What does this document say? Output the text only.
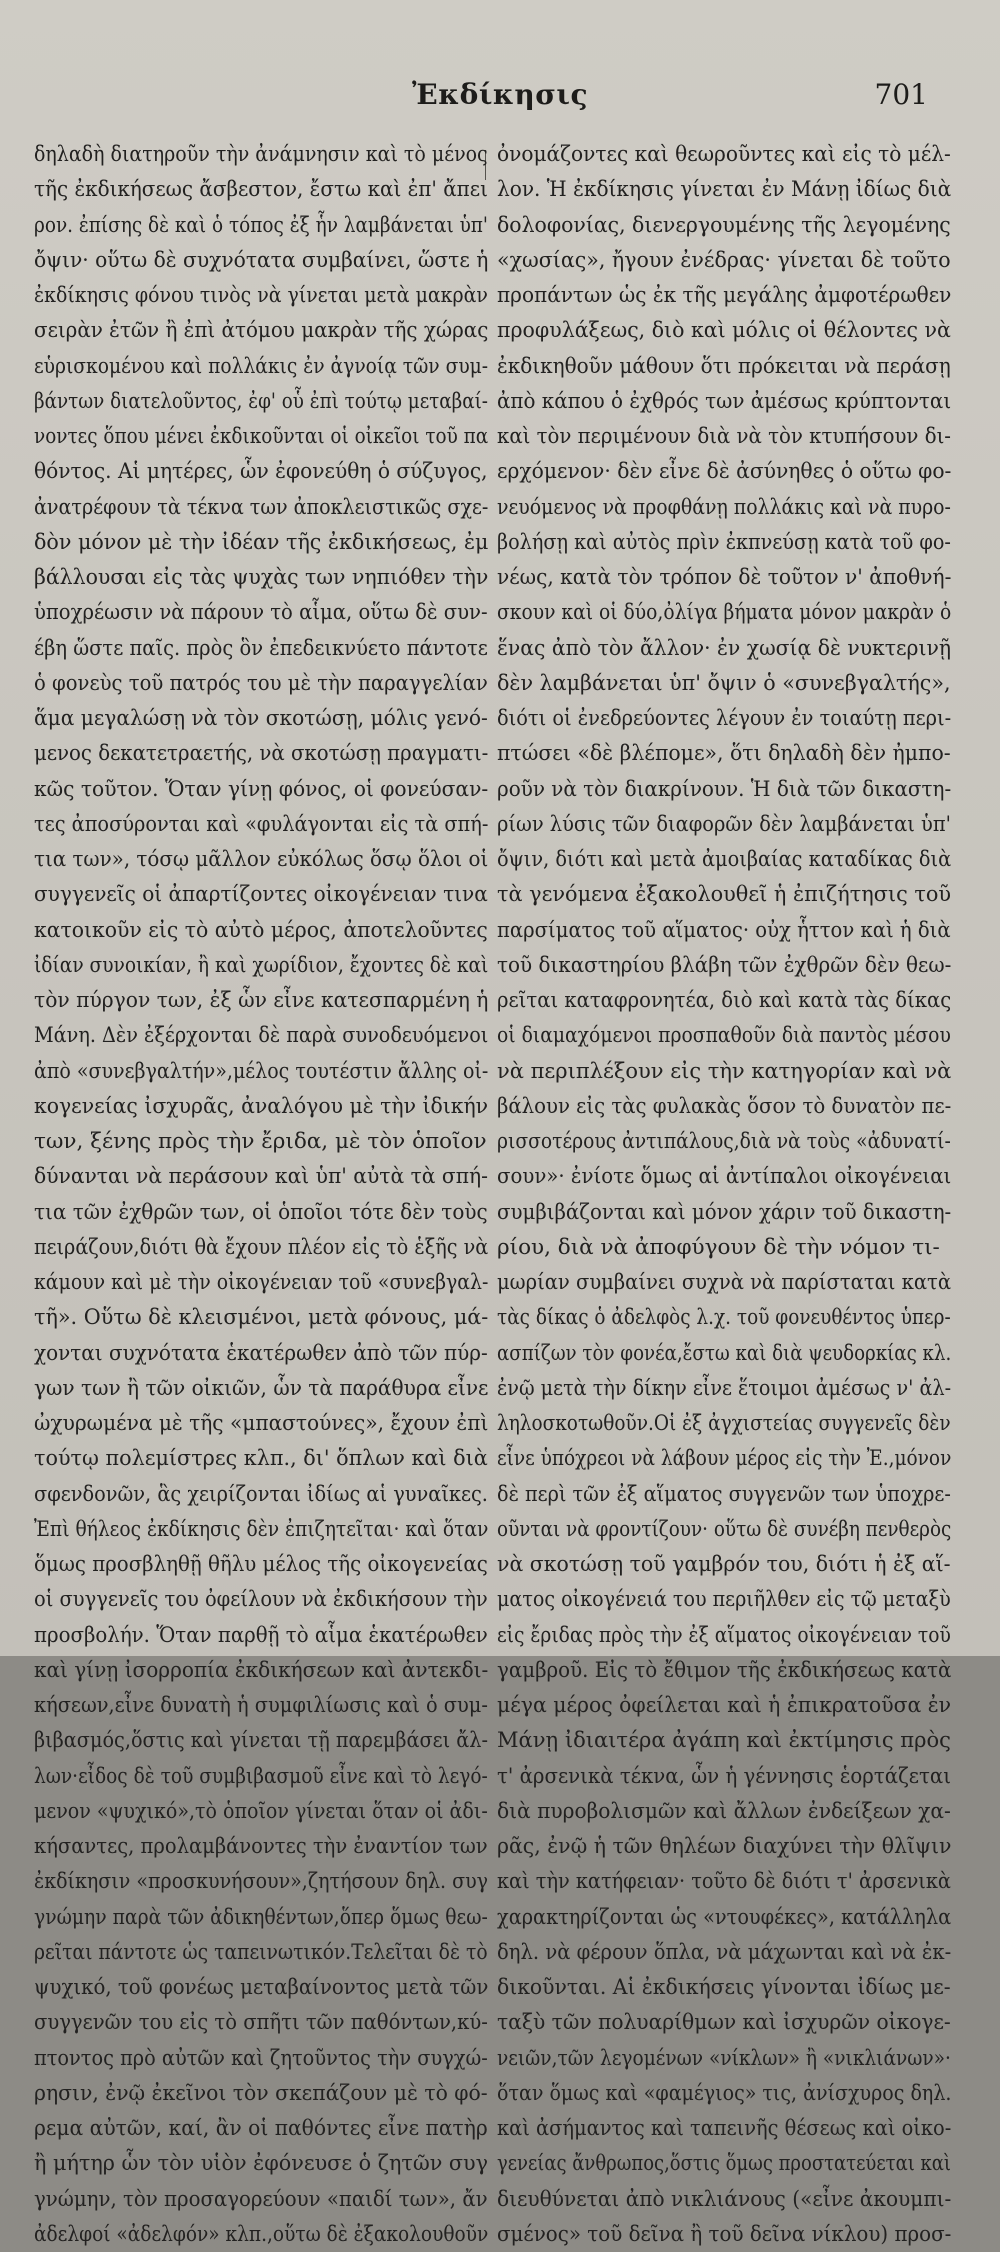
Ἐκδίκησις	701
δηλαδὴ διατηροῦν τὴν ἀνάμνησιν καὶ τὸ μένος
τῆς ἐκδικήσεως ἄσβεστον, ἔστω καὶ ἐπ' ἄπει
ρον. ἐπίσης δὲ καὶ ὁ τόπος ἐξ ἧν λαμβάνεται ὑπ'
ὄψιν· οὕτω δὲ συχνότατα συμβαίνει, ὥστε ἡ
ἐκδίκησις φόνου τινὸς νὰ γίνεται μετὰ μακρὰν
σειρὰν ἐτῶν ἢ ἐπὶ ἀτόμου μακρὰν τῆς χώρας
εὑρισκομένου καὶ πολλάκις ἐν ἀγνοίᾳ τῶν συμ-
βάντων διατελοῦντος, ἐφ' οὗ ἐπὶ τούτῳ μεταβαί-
νοντες ὅπου μένει ἐκδικοῦνται οἱ οἰκεῖοι τοῦ πα
θόντος. Αἱ μητέρες, ὧν ἐφονεύθη ὁ σύζυγος,
ἀνατρέφουν τὰ τέκνα των ἀποκλειστικῶς σχε-
δὸν μόνον μὲ τὴν ἰδέαν τῆς ἐκδικήσεως, ἐμ
βάλλουσαι εἰς τὰς ψυχὰς των νηπιόθεν τὴν
ὑποχρέωσιν νὰ πάρουν τὸ αἷμα, οὕτω δὲ συν-
έβη ὥστε παῖς. πρὸς ὃν ἐπεδεικνύετο πάντοτε
ὁ φονεὺς τοῦ πατρός του μὲ τὴν παραγγελίαν
ἅμα μεγαλώσῃ νὰ τὸν σκοτώσῃ, μόλις γενό-
μενος δεκατετραετής, νὰ σκοτώσῃ πραγματι-
κῶς τοῦτον. Ὅταν γίνῃ φόνος, οἱ φονεύσαν-
τες ἀποσύρονται καὶ «φυλάγονται εἰς τὰ σπή-
τια των», τόσῳ μᾶλλον εὐκόλως ὅσῳ ὅλοι οἱ
συγγενεῖς οἱ ἀπαρτίζοντες οἰκογένειαν τινα
κατοικοῦν εἰς τὸ αὐτὸ μέρος, ἀποτελοῦντες
ἰδίαν συνοικίαν, ἢ καὶ χωρίδιον, ἔχοντες δὲ καὶ
τὸν πύργον των, ἐξ ὧν εἶνε κατεσπαρμένη ἡ
Μάνη. Δὲν ἐξέρχονται δὲ παρὰ συνοδευόμενοι
ἀπὸ «συνεβγαλτήν»,μέλος τουτέστιν ἄλλης οἰ-
κογενείας ἰσχυρᾶς, ἀναλόγου μὲ τὴν ἰδικήν
των, ξένης πρὸς τὴν ἔριδα, μὲ τὸν ὁποῖον
δύνανται νὰ περάσουν καὶ ὑπ' αὐτὰ τὰ σπή-
τια τῶν ἐχθρῶν των, οἱ ὁποῖοι τότε δὲν τοὺς
πειράζουν,διότι θὰ ἔχουν πλέον εἰς τὸ ἑξῆς νὰ
κάμουν καὶ μὲ τὴν οἰκογένειαν τοῦ «συνεβγαλ-
τῆ». Οὕτω δὲ κλεισμένοι, μετὰ φόνους, μά-
χονται συχνότατα ἑκατέρωθεν ἀπὸ τῶν πύρ-
γων των ἢ τῶν οἰκιῶν, ὧν τὰ παράθυρα εἶνε
ὠχυρωμένα μὲ τῆς «μπαστούνες», ἔχουν ἐπὶ
τούτῳ πολεμίστρες κλπ., δι' ὅπλων καὶ διὰ
σφενδονῶν, ἃς χειρίζονται ἰδίως αἱ γυναῖκες.
Ἐπὶ θήλεος ἐκδίκησις δὲν ἐπιζητεῖται· καὶ ὅταν
ὅμως προσβληθῇ θῆλυ μέλος τῆς οἰκογενείας
οἱ συγγενεῖς του ὀφείλουν νὰ ἐκδικήσουν τὴν
προσβολήν. Ὅταν παρθῇ τὸ αἷμα ἑκατέρωθεν
καὶ γίνῃ ἰσορροπία ἐκδικήσεων καὶ ἀντεκδι-
κήσεων,εἶνε δυνατὴ ἡ συμφιλίωσις καὶ ὁ συμ-
βιβασμός,ὅστις καὶ γίνεται τῇ παρεμβάσει ἄλ-
λων·εἶδος δὲ τοῦ συμβιβασμοῦ εἶνε καὶ τὸ λεγό-
μενον «ψυχικό»,τὸ ὁποῖον γίνεται ὅταν οἱ ἀδι-
κήσαντες, προλαμβάνοντες τὴν ἐναντίον των
ἐκδίκησιν «προσκυνήσουν»,ζητήσουν δηλ. συγ
γνώμην παρὰ τῶν ἀδικηθέντων,ὅπερ ὅμως θεω-
ρεῖται πάντοτε ὡς ταπεινωτικόν.Τελεῖται δὲ τὸ
ψυχικό, τοῦ φονέως μεταβαίνοντος μετὰ τῶν
συγγενῶν του εἰς τὸ σπῆτι τῶν παθόντων,κύ-
πτοντος πρὸ αὐτῶν καὶ ζητοῦντος τὴν συγχώ-
ρησιν, ἐνῷ ἐκεῖνοι τὸν σκεπάζουν μὲ τὸ φό-
ρεμα αὐτῶν, καί, ἂν οἱ παθόντες εἶνε πατὴρ
ἢ μήτηρ ὧν τὸν υἱὸν ἐφόνευσε ὁ ζητῶν συγ
γνώμην, τὸν προσαγορεύουν «παιδί των», ἄν
ἀδελφοί «ἀδελφόν» κλπ.,οὕτω δὲ ἐξακολουθοῦν
ὀνομάζοντες καὶ θεωροῦντες καὶ εἰς τὸ μέλ-
λον. Ἡ ἐκδίκησις γίνεται ἐν Μάνῃ ἰδίως διὰ
δολοφονίας, διενεργουμένης τῆς λεγομένης
«χωσίας», ἤγουν ἐνέδρας· γίνεται δὲ τοῦτο
προπάντων ὡς ἐκ τῆς μεγάλης ἀμφοτέρωθεν
προφυλάξεως, διὸ καὶ μόλις οἱ θέλοντες νὰ
ἐκδικηθοῦν μάθουν ὅτι πρόκειται νὰ περάσῃ
ἀπὸ κάπου ὁ ἐχθρός των ἀμέσως κρύπτονται
καὶ τὸν περιμένουν διὰ νὰ τὸν κτυπήσουν δι-
ερχόμενον· δὲν εἶνε δὲ ἀσύνηθες ὁ οὕτω φο-
νευόμενος νὰ προφθάνῃ πολλάκις καὶ νὰ πυρο-
βολήσῃ καὶ αὐτὸς πρὶν ἐκπνεύσῃ κατὰ τοῦ φο-
νέως, κατὰ τὸν τρόπον δὲ τοῦτον ν' ἀποθνή-
σκουν καὶ οἱ δύο,ὀλίγα βήματα μόνον μακρὰν ὁ
ἕνας ἀπὸ τὸν ἄλλον· ἐν χωσίᾳ δὲ νυκτερινῇ
δὲν λαμβάνεται ὑπ' ὄψιν ὁ «συνεβγαλτής»,
διότι οἱ ἐνεδρεύοντες λέγουν ἐν τοιαύτῃ περι-
πτώσει «δὲ βλέπομε», ὅτι δηλαδὴ δὲν ἠμπο-
ροῦν νὰ τὸν διακρίνουν. Ἡ διὰ τῶν δικαστη-
ρίων λύσις τῶν διαφορῶν δὲν λαμβάνεται ὑπ'
ὄψιν, διότι καὶ μετὰ ἀμοιβαίας καταδίκας διὰ
τὰ γενόμενα ἐξακολουθεῖ ἡ ἐπιζήτησις τοῦ
παρσίματος τοῦ αἵματος· οὐχ ἧττον καὶ ἡ διὰ
τοῦ δικαστηρίου βλάβη τῶν ἐχθρῶν δὲν θεω-
ρεῖται καταφρονητέα, διὸ καὶ κατὰ τὰς δίκας
οἱ διαμαχόμενοι προσπαθοῦν διὰ παντὸς μέσου
νὰ περιπλέξουν εἰς τὴν κατηγορίαν καὶ νὰ
βάλουν εἰς τὰς φυλακὰς ὅσον τὸ δυνατὸν πε-
ρισσοτέρους ἀντιπάλους,διὰ νὰ τοὺς «ἀδυνατί-
σουν»· ἐνίοτε ὅμως αἱ ἀντίπαλοι οἰκογένειαι
συμβιβάζονται καὶ μόνον χάριν τοῦ δικαστη-
ρίου, διὰ νὰ ἀποφύγουν δὲ τὴν νόμον τι-
μωρίαν συμβαίνει συχνὰ νὰ παρίσταται κατὰ
τὰς δίκας ὁ ἀδελφὸς λ.χ. τοῦ φονευθέντος ὑπερ-
ασπίζων τὸν φονέα,ἔστω καὶ διὰ ψευδορκίας κλ.
ἐνῷ μετὰ τὴν δίκην εἶνε ἕτοιμοι ἀμέσως ν' ἀλ-
ληλοσκοτωθοῦν.Οἱ ἐξ ἀγχιστείας συγγενεῖς δὲν
εἶνε ὑπόχρεοι νὰ λάβουν μέρος εἰς τὴν Ἐ.,μόνον
δὲ περὶ τῶν ἐξ αἵματος συγγενῶν των ὑποχρε-
οῦνται νὰ φροντίζουν· οὕτω δὲ συνέβη πενθερὸς
νὰ σκοτώσῃ τοῦ γαμβρόν του, διότι ἡ ἐξ αἵ-
ματος οἰκογένειά του περιῆλθεν εἰς τῷ μεταξὺ
εἰς ἔριδας πρὸς τὴν ἐξ αἵματος οἰκογένειαν τοῦ
γαμβροῦ. Εἰς τὸ ἔθιμον τῆς ἐκδικήσεως κατὰ
μέγα μέρος ὀφείλεται καὶ ἡ ἐπικρατοῦσα ἐν
Μάνῃ ἰδιαιτέρα ἀγάπη καὶ ἐκτίμησις πρὸς
τ' ἀρσενικὰ τέκνα, ὧν ἡ γέννησις ἑορτάζεται
διὰ πυροβολισμῶν καὶ ἄλλων ἐνδείξεων χα-
ρᾶς, ἐνῷ ἡ τῶν θηλέων διαχύνει τὴν θλῖψιν
καὶ τὴν κατήφειαν· τοῦτο δὲ διότι τ' ἀρσενικὰ
χαρακτηρίζονται ὡς «ντουφέκες», κατάλληλα
δηλ. νὰ φέρουν ὅπλα, νὰ μάχωνται καὶ νὰ ἐκ-
δικοῦνται. Αἱ ἐκδικήσεις γίνονται ἰδίως με-
ταξὺ τῶν πολυαρίθμων καὶ ἰσχυρῶν οἰκογε-
νειῶν,τῶν λεγομένων «νίκλων» ἢ «νικλιάνων»·
ὅταν ὅμως καὶ «φαμέγιος» τις, ἀνίσχυρος δηλ.
καὶ ἀσήμαντος καὶ ταπεινῆς θέσεως καὶ οἰκο-
γενείας ἄνθρωπος,ὅστις ὅμως προστατεύεται καὶ
διευθύνεται ἀπὸ νικλιάνους («εἶνε ἀκουμπι-
σμένος» τοῦ δεῖνα ἢ τοῦ δεῖνα νίκλου) προσ-
